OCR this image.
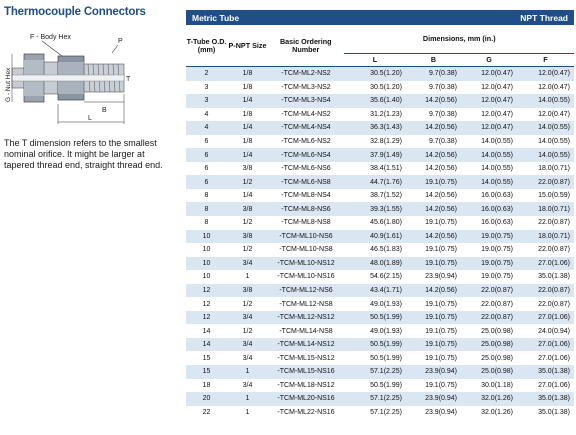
Thermocouple Connectors
F - Body Hex
P
T
G - Nut Hex
L
B
The T dimension refers to the smallest nominal orifice. It might be larger at tapered thread end, straight thread end.
Metric Tube	NPT Thread
T-Tube O.D. (mm)	P-NPT Size	Basic Ordering Number	Dimensions, mm (in.)			
			L	B	G	F
2	1/8	-TCM-ML2-NS2	30.5(1.20)	9.7(0.38)	12.0(0.47)	12.0(0.47)
3	1/8	-TCM-ML3-NS2	30.5(1.20)	9.7(0.38)	12.0(0.47)	12.0(0.47)
3	1/4	-TCM-ML3-NS4	35.6(1.40)	14.2(0.56)	12.0(0.47)	14.0(0.55)
4	1/8	-TCM-ML4-NS2	31.2(1.23)	9.7(0.38)	12.0(0.47)	12.0(0.47)
4	1/4	-TCM-ML4-NS4	36.3(1.43)	14.2(0.56)	12.0(0.47)	14.0(0.55)
6	1/8	-TCM-ML6-NS2	32.8(1.29)	9.7(0.38)	14.0(0.55)	14.0(0.55)
6	1/4	-TCM-ML6-NS4	37.9(1.49)	14.2(0.56)	14.0(0.55)	14.0(0.55)
6	3/8	-TCM-ML6-NS6	38.4(1.51)	14.2(0.56)	14.0(0.55)	18.0(0.71)
6	1/2	-TCM-ML6-NS8	44.7(1.76)	19.1(0.75)	14.0(0.55)	22.0(0.87)
8	1/4	-TCM-ML8-NS4	38.7(1.52)	14.2(0.56)	16.0(0.63)	15.0(0.59)
8	3/8	-TCM-ML8-NS6	39.3(1.55)	14.2(0.56)	16.0(0.63)	18.0(0.71)
8	1/2	-TCM-ML8-NS8	45.6(1.80)	19.1(0.75)	16.0(0.63)	22.0(0.87)
10	3/8	-TCM-ML10-NS6	40.9(1.61)	14.2(0.56)	19.0(0.75)	18.0(0.71)
10	1/2	-TCM-ML10-NS8	46.5(1.83)	19.1(0.75)	19.0(0.75)	22.0(0.87)
10	3/4	-TCM-ML10-NS12	48.0(1.89)	19.1(0.75)	19.0(0.75)	27.0(1.06)
10	1	-TCM-ML10-NS16	54.6(2.15)	23.9(0.94)	19.0(0.75)	35.0(1.38)
12	3/8	-TCM-ML12-NS6	43.4(1.71)	14.2(0.56)	22.0(0.87)	22.0(0.87)
12	1/2	-TCM-ML12-NS8	49.0(1.93)	19.1(0.75)	22.0(0.87)	22.0(0.87)
12	3/4	-TCM-ML12-NS12	50.5(1.99)	19.1(0.75)	22.0(0.87)	27.0(1.06)
14	1/2	-TCM-ML14-NS8	49.0(1.93)	19.1(0.75)	25.0(0.98)	24.0(0.94)
14	3/4	-TCM-ML14-NS12	50.5(1.99)	19.1(0.75)	25.0(0.98)	27.0(1.06)
15	3/4	-TCM-ML15-NS12	50.5(1.99)	19.1(0.75)	25.0(0.98)	27.0(1.06)
15	1	-TCM-ML15-NS16	57.1(2.25)	23.9(0.94)	25.0(0.98)	35.0(1.38)
18	3/4	-TCM-ML18-NS12	50.5(1.99)	19.1(0.75)	30.0(1.18)	27.0(1.06)
20	1	-TCM-ML20-NS16	57.1(2.25)	23.9(0.94)	32.0(1.26)	35.0(1.38)
22	1	-TCM-ML22-NS16	57.1(2.25)	23.9(0.94)	32.0(1.26)	35.0(1.38)
